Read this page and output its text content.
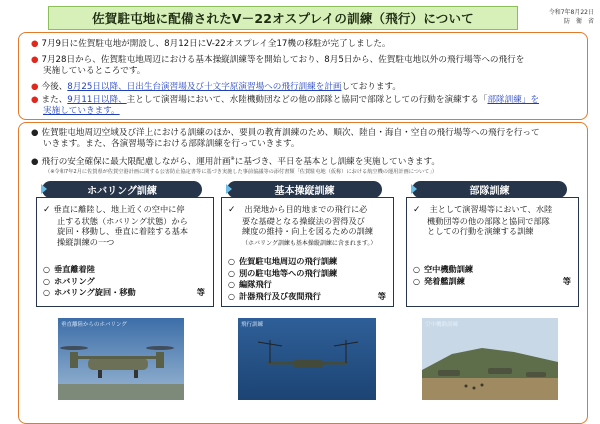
佐賀駐屯地に配備されたV－22オスプレイの訓練（飛行）について	令和7年8月22日
防　衛　省
● 7月9日に佐賀駐屯地が開設し、8月12日にV-22オスプレイ全17機の移駐が完了しました。
● 7月28日から、佐賀駐屯地周辺における基本操縦訓練等を開始しており、8月5日から、佐賀駐屯地以外の飛行場等への飛行を
実施しているところです。
● 今後、8月25日以降、日出生台演習場及び十文字原演習場への飛行訓練を計画しております。
● また、9月11日以降、主として演習場において、水陸機動団などの他の部隊と協同で部隊としての行動を演練する「部隊訓練」を
実施していきます。
● 佐賀駐屯地周辺空域及び洋上における訓練のほか、要員の教育訓練のため、順次、陸自・海自・空自の飛行場等への飛行を行って
いきます。また、各演習場等における部隊訓練を行っていきます。
● 飛行の安全確保に最大限配慮しながら、運用計画※に基づき、平日を基本とし訓練を実施していきます。
（※令和7年2月に佐賀県が佐賀空港計画に関する公害防止協定書等に基づき実施した事前協議等の添付書類「佐賀駐屯地（仮称）における航空機の運用計画について」）
ホバリング訓練	基本操縦訓練	部隊訓練
✓ 垂直に離陸し、地上近くの空中に停
止する状態（ホバリング状態）から
旋回・移動し、垂直に着陸する基本
操縦訓練の一つ
○ 垂直離着陸
○ ホバリング
○ ホバリング旋回・移動	等
✓ 出発地から目的地までの飛行に必
要な基礎となる操縦法の習得及び
練度の維持・向上を図るための訓練
（ホバリング訓練も基本操縦訓練に含まれます。）
○ 佐賀駐屯地周辺の飛行訓練
○ 別の駐屯地等への飛行訓練
○ 編隊飛行
○ 計器飛行及び夜間飛行	等
✓ 主として演習場等において、水陸
機動団等の他の部隊と協同で部隊
としての行動を演練する訓練
○ 空中機動訓練
○ 発着艦訓練	等
垂直離陸からのホバリング	飛行訓練	空中機動訓練
